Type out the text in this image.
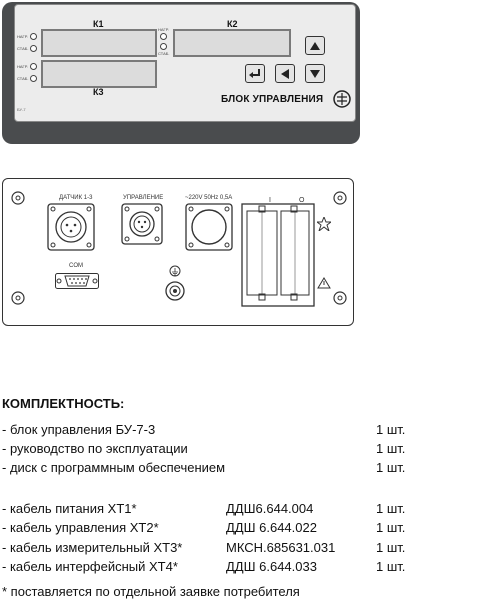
К1	К2
К3
НАГР.
СТАБ.
НАГР.
СТАБ.
НАГР.
СТАБ.
БЛОК УПРАВЛЕНИЯ
БУ-7
ДАТЧИК 1-3	УПРАВЛЕНИЕ	~220V 50Hz 0,5A
COM
I	O
КОМПЛЕКТНОСТЬ:
- блок управления БУ-7-3	1 шт.
- руководство по эксплуатации	1 шт.
- диск с программным обеспечением	1 шт.
- кабель питания XT1*	ДДШ6.644.004	1 шт.
- кабель управления XT2*	ДДШ 6.644.022	1 шт.
- кабель измерительный XT3*	МКСН.685631.031	1 шт.
- кабель интерфейсный XT4*	ДДШ 6.644.033	1 шт.
* поставляется по отдельной заявке потребителя
